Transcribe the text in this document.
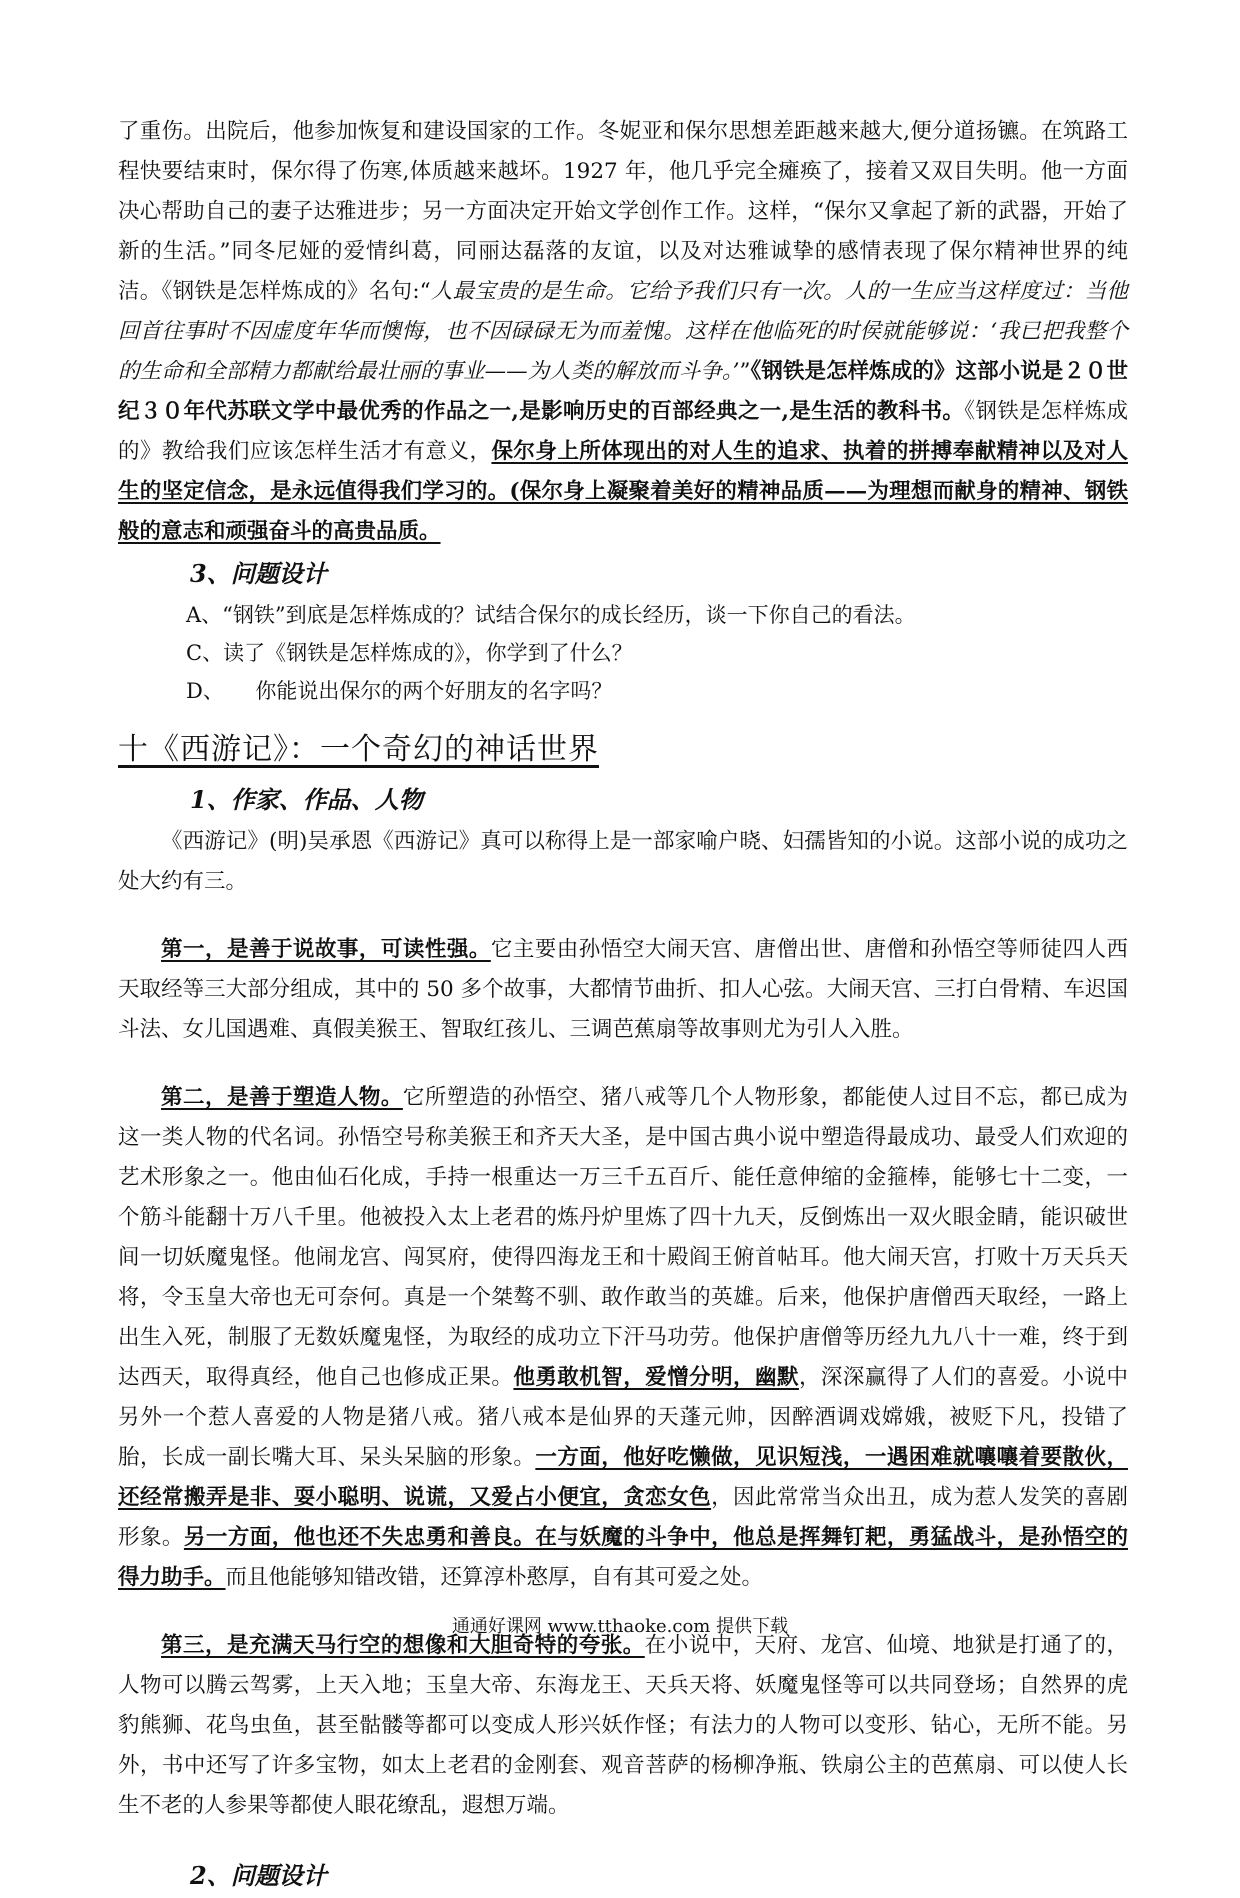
了重伤。出院后，他参加恢复和建设国家的工作。冬妮亚和保尔思想差距越来越大,便分道扬镳。在筑路工程快要结束时，保尔得了伤寒,体质越来越坏。1927 年，他几乎完全瘫痪了，接着又双目失明。他一方面决心帮助自己的妻子达雅进步；另一方面决定开始文学创作工作。这样，“保尔又拿起了新的武器，开始了新的生活。”同冬尼娅的爱情纠葛，同丽达磊落的友谊，以及对达雅诚挚的感情表现了保尔精神世界的纯洁。《钢铁是怎样炼成的》名句:“人最宝贵的是生命。它给予我们只有一次。人的一生应当这样度过：当他回首往事时不因虚度年华而懊悔，也不因碌碌无为而羞愧。这样在他临死的时侯就能够说：‘我已把我整个的生命和全部精力都献给最壮丽的事业——为人类的解放而斗争。’”《钢铁是怎样炼成的》这部小说是２０世纪３０年代苏联文学中最优秀的作品之一,是影响历史的百部经典之一,是生活的教科书。《钢铁是怎样炼成的》教给我们应该怎样生活才有意义，保尔身上所体现出的对人生的追求、执着的拼搏奉献精神以及对人生的坚定信念，是永远值得我们学习的。(保尔身上凝聚着美好的精神品质——为理想而献身的精神、钢铁般的意志和顽强奋斗的高贵品质。

3、问题设计

A、“钢铁”到底是怎样炼成的？试结合保尔的成长经历，谈一下你自己的看法。

C、读了《钢铁是怎样炼成的》，你学到了什么？

D、　　你能说出保尔的两个好朋友的名字吗？

十《西游记》：一个奇幻的神话世界

1、作家、作品、人物

《西游记》(明)吴承恩《西游记》真可以称得上是一部家喻户晓、妇孺皆知的小说。这部小说的成功之处大约有三。

第一，是善于说故事，可读性强。它主要由孙悟空大闹天宫、唐僧出世、唐僧和孙悟空等师徒四人西天取经等三大部分组成，其中的 50 多个故事，大都情节曲折、扣人心弦。大闹天宫、三打白骨精、车迟国斗法、女儿国遇难、真假美猴王、智取红孩儿、三调芭蕉扇等故事则尤为引人入胜。

第二，是善于塑造人物。它所塑造的孙悟空、猪八戒等几个人物形象，都能使人过目不忘，都已成为这一类人物的代名词。孙悟空号称美猴王和齐天大圣，是中国古典小说中塑造得最成功、最受人们欢迎的艺术形象之一。他由仙石化成，手持一根重达一万三千五百斤、能任意伸缩的金箍棒，能够七十二变，一个筋斗能翻十万八千里。他被投入太上老君的炼丹炉里炼了四十九天，反倒炼出一双火眼金睛，能识破世间一切妖魔鬼怪。他闹龙宫、闯冥府，使得四海龙王和十殿阎王俯首帖耳。他大闹天宫，打败十万天兵天将，令玉皇大帝也无可奈何。真是一个桀骜不驯、敢作敢当的英雄。后来，他保护唐僧西天取经，一路上出生入死，制服了无数妖魔鬼怪，为取经的成功立下汗马功劳。他保护唐僧等历经九九八十一难，终于到达西天，取得真经，他自己也修成正果。他勇敢机智，爱憎分明，幽默，深深赢得了人们的喜爱。小说中另外一个惹人喜爱的人物是猪八戒。猪八戒本是仙界的天蓬元帅，因醉酒调戏嫦娥，被贬下凡，投错了胎，长成一副长嘴大耳、呆头呆脑的形象。一方面，他好吃懒做，见识短浅，一遇困难就嚷嚷着要散伙，还经常搬弄是非、耍小聪明、说谎，又爱占小便宜，贪恋女色，因此常常当众出丑，成为惹人发笑的喜剧形象。另一方面，他也还不失忠勇和善良。在与妖魔的斗争中，他总是挥舞钉耙，勇猛战斗，是孙悟空的得力助手。而且他能够知错改错，还算淳朴憨厚，自有其可爱之处。

第三，是充满天马行空的想像和大胆奇特的夸张。在小说中，天府、龙宫、仙境、地狱是打通了的，人物可以腾云驾雾，上天入地；玉皇大帝、东海龙王、天兵天将、妖魔鬼怪等可以共同登场；自然界的虎豹熊狮、花鸟虫鱼，甚至骷髅等都可以变成人形兴妖作怪；有法力的人物可以变形、钻心，无所不能。另外，书中还写了许多宝物，如太上老君的金刚套、观音菩萨的杨柳净瓶、铁扇公主的芭蕉扇、可以使人长生不老的人参果等都使人眼花缭乱，遐想万端。

2、问题设计

通通好课网 www.tthaoke.com 提供下载
